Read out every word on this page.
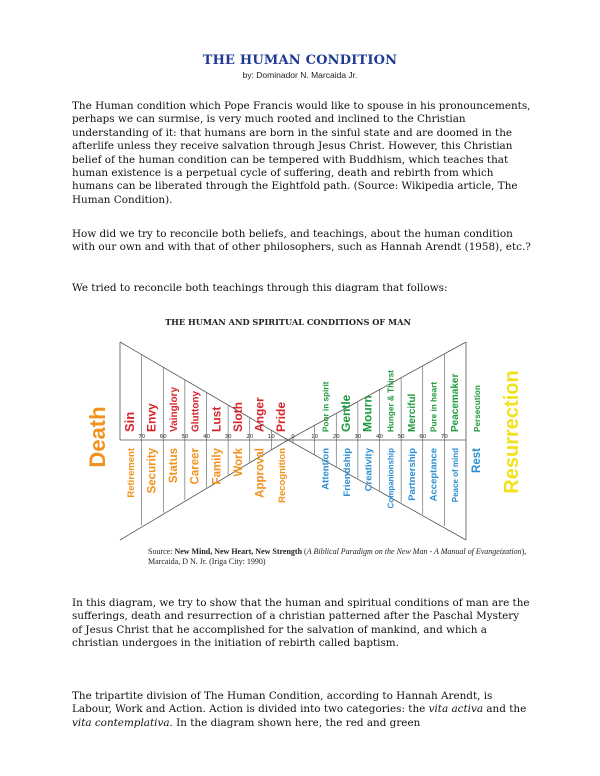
THE HUMAN CONDITION
by: Dominador N. Marcaida Jr.

The Human condition which Pope Francis would like to spouse in his pronouncements, perhaps we can surmise, is very much rooted and inclined to the Christian understanding of it: that humans are born in the sinful state and are doomed in the afterlife unless they receive salvation through Jesus Christ. However, this Christian belief of the human condition can be tempered with Buddhism, which teaches that human existence is a perpetual cycle of suffering, death and rebirth from which humans can be liberated through the Eightfold path. (Source: Wikipedia article, The Human Condition).

How did we try to reconcile both beliefs, and teachings, about the human condition with our own and with that of other philosophers, such as Hannah Arendt (1958), etc.?

We tried to reconcile both teachings through this diagram that follows:

THE HUMAN AND SPIRITUAL CONDITIONS OF MAN
70	60	50	40	30	20	10	0	10	20	30	40	50	60	70
Sin Envy Vainglory Gluttony Lust Sloth Anger Pride	Poor in spirit Gentle Mourn Hunger & Thirst Merciful Pure in heart Peacemaker Persecution
Retirement Security Status Career Family Work Approval Recognition	Attention Friendship Creativity Companionship Partnership Acceptance Peace of mind Rest
Death	Resurrection
Source: New Mind, New Heart, New Strength (A Biblical Paradigm on the New Man - A Manual of Evangeization), Marcaida, D N. Jr. (Iriga City: 1990)

In this diagram, we try to show that the human and spiritual conditions of man are the sufferings, death and resurrection of a christian patterned after the Paschal Mystery of Jesus Christ that he accomplished for the salvation of mankind, and which a christian undergoes in the initiation of rebirth called baptism.

The tripartite division of The Human Condition, according to Hannah Arendt, is Labour, Work and Action. Action is divided into two categories: the vita activa and the vita contemplativa. In the diagram shown here, the red and green
